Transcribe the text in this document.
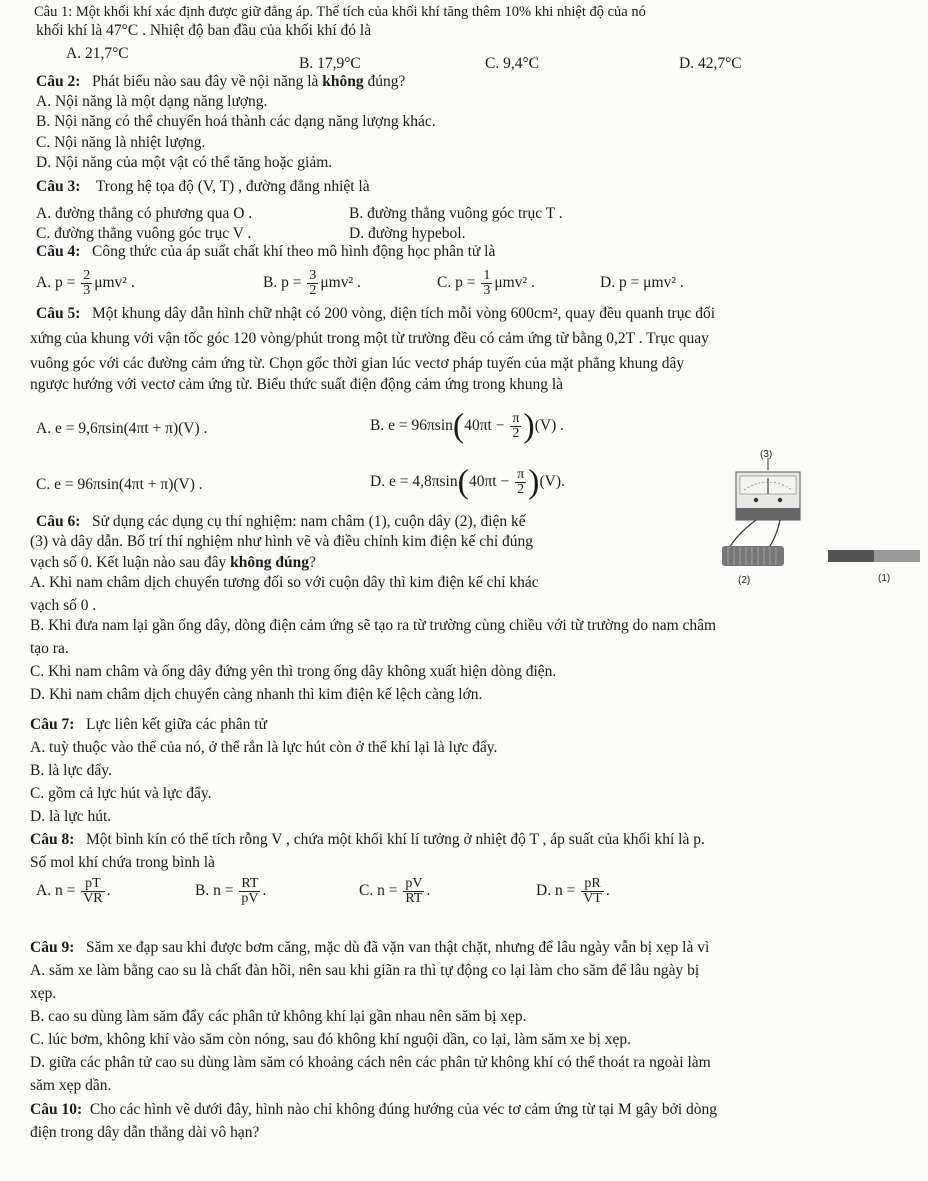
Câu 1: Một khối khí xác định được giữ đẳng áp. Thể tích của khối khí tăng thêm 10% khi nhiệt độ của nó
khối khí là 47°C . Nhiệt độ ban đầu của khối khí đó là
A. 21,7°C
B. 17,9°C	C. 9,4°C	D. 42,7°C
Câu 2: Phát biểu nào sau đây về nội năng là không đúng?
A. Nội năng là một dạng năng lượng.
B. Nội năng có thể chuyển hoá thành các dạng năng lượng khác.
C. Nội năng là nhiệt lượng.
D. Nội năng của một vật có thể tăng hoặc giảm.
Câu 3: Trong hệ tọa độ (V, T) , đường đẳng nhiệt là
A. đường thẳng có phương qua O .	B. đường thẳng vuông góc trục T .
C. đường thẳng vuông góc trục V .	D. đường hypebol.
Câu 4: Công thức của áp suất chất khí theo mô hình động học phân tử là
A. $p = \frac{2}{3} \mu mv^2$ .	B. $p = \frac{3}{2} \mu mv^2$ .	C. $p = \frac{1}{3} \mu mv^2$ .	D. p = μmv² .
Câu 5: Một khung dây dẫn hình chữ nhật có 200 vòng, diện tích mỗi vòng 600cm², quay đều quanh trục đối
xứng của khung với vận tốc góc 120 vòng/phút trong một từ trường đều có cảm ứng từ bằng 0,2T . Trục quay
vuông góc với các đường cảm ứng từ. Chọn gốc thời gian lúc vectơ pháp tuyến của mặt phẳng khung dây
ngược hướng với vectơ cảm ứng từ. Biểu thức suất điện động cảm ứng trong khung là
A. e = 9,6πsin(4πt + π)(V) .	B. $e = 96\pi\sin(40\pi t - \frac{\pi}{2} )(V)$ .
C. e = 96πsin(4πt + π)(V) .	D. $e = 4,8\pi\sin(40\pi t - \frac{\pi}{2} )(V)$.
Câu 6: Sử dụng các dụng cụ thí nghiệm: nam châm (1), cuộn dây (2), điện kế
(3) và dây dẫn. Bố trí thí nghiệm như hình vẽ và điều chỉnh kim điện kế chỉ đúng
vạch số 0. Kết luận nào sau đây không đúng?
A. Khi nam châm dịch chuyển tương đối so với cuộn dây thì kim điện kế chỉ khác
vạch số 0 .
B. Khi đưa nam lại gần ống dây, dòng điện cảm ứng sẽ tạo ra từ trường cùng chiều với từ trường do nam châm
tạo ra.
C. Khi nam châm và ống dây đứng yên thì trong ống dây không xuất hiện dòng điện.
D. Khi nam châm dịch chuyển càng nhanh thì kim điện kế lệch càng lớn.
(3)
(2)	(1)
Câu 7: Lực liên kết giữa các phân tử
A. tuỳ thuộc vào thể của nó, ở thể rắn là lực hút còn ở thể khí lại là lực đẩy.
B. là lực đẩy.
C. gồm cả lực hút và lực đẩy.
D. là lực hút.
Câu 8: Một bình kín có thể tích rỗng V , chứa một khối khí lí tưởng ở nhiệt độ T , áp suất của khối khí là p.
Số mol khí chứa trong bình là
A. $n = \frac{pT}{VR}$ .	B. $n = \frac{RT}{pV}$ .	C. $n = \frac{pV}{RT}$ .	D. $n = \frac{pR}{VT}$ .
Câu 9: Săm xe đạp sau khi được bơm căng, mặc dù đã vặn van thật chặt, nhưng để lâu ngày vẫn bị xẹp là vì
A. săm xe làm bằng cao su là chất đàn hồi, nên sau khi giãn ra thì tự động co lại làm cho săm để lâu ngày bị
xẹp.
B. cao su dùng làm săm đẩy các phân tử không khí lại gần nhau nên săm bị xẹp.
C. lúc bơm, không khí vào săm còn nóng, sau đó không khí nguội dần, co lại, làm săm xe bị xẹp.
D. giữa các phân tử cao su dùng làm săm có khoảng cách nên các phân tử không khí có thể thoát ra ngoài làm
săm xẹp dần.
Câu 10: Cho các hình vẽ dưới đây, hình nào chỉ không đúng hướng của véc tơ cảm ứng từ tại M gây bởi dòng
điện trong dây dẫn thẳng dài vô hạn?
